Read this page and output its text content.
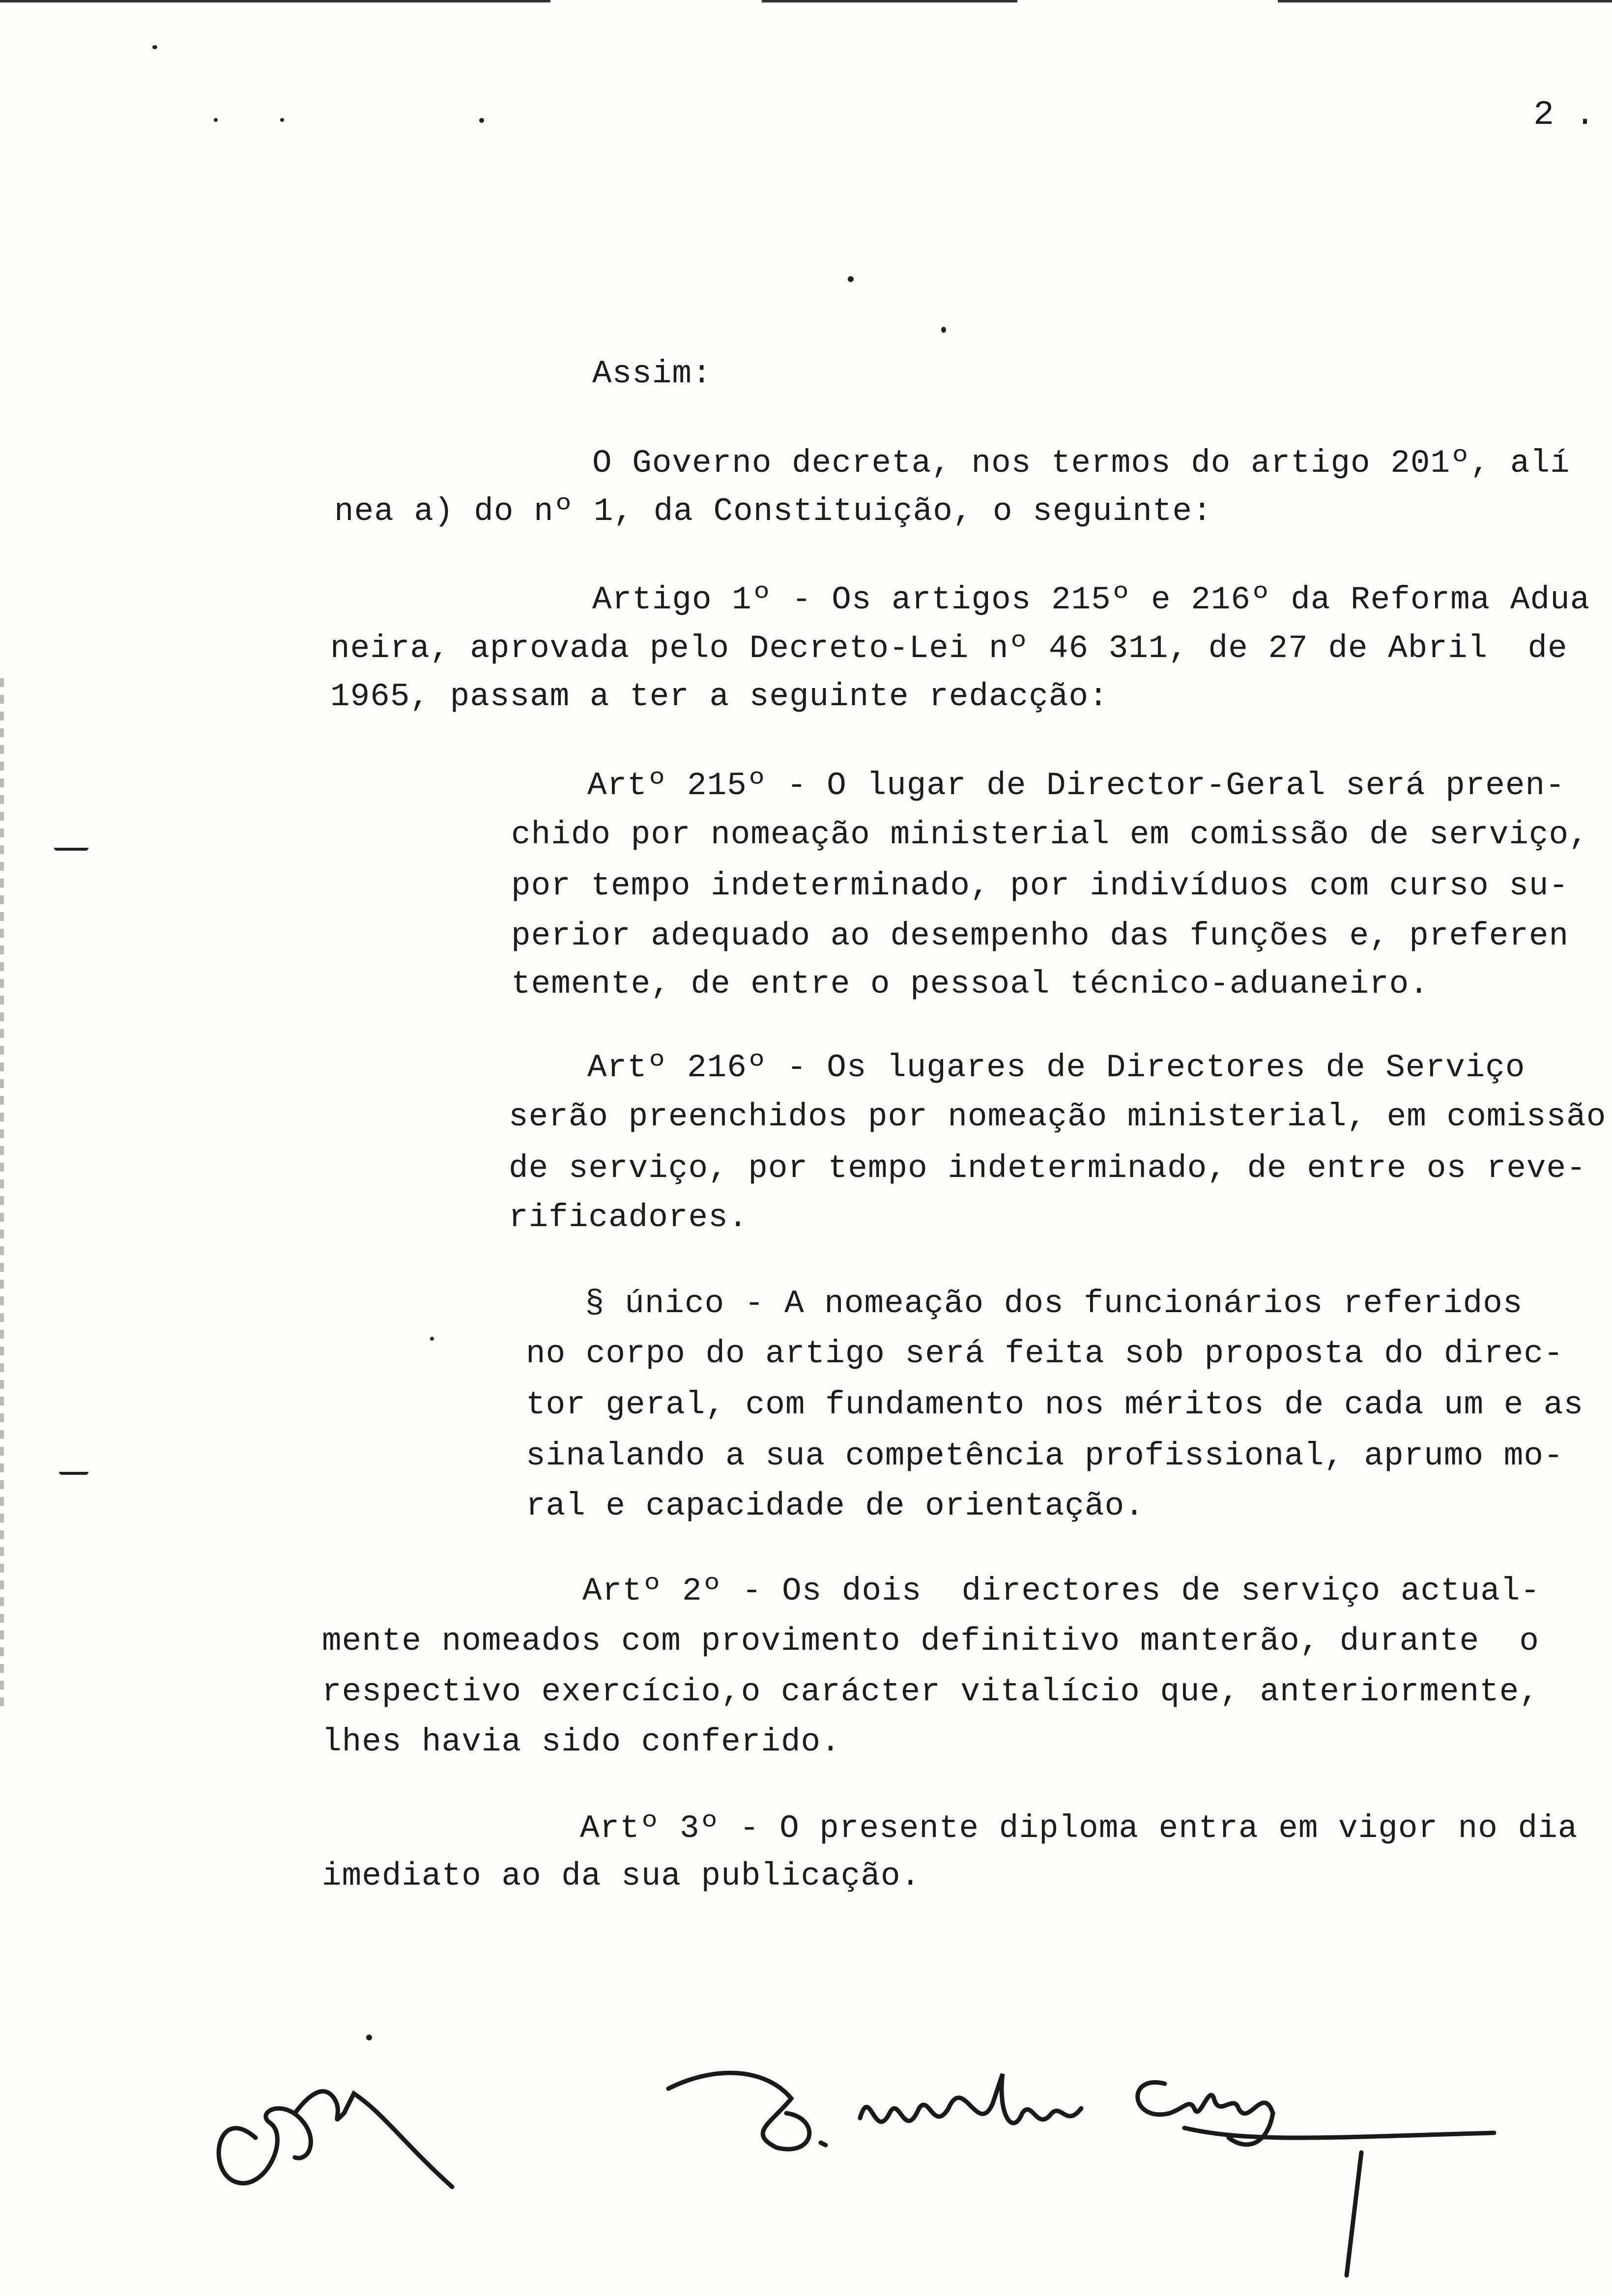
2 .
Assim:
O Governo decreta, nos termos do artigo 201º, alí
nea a) do nº 1, da Constituição, o seguinte:
Artigo 1º - Os artigos 215º e 216º da Reforma Adua
neira, aprovada pelo Decreto-Lei nº 46 311, de 27 de Abril  de
1965, passam a ter a seguinte redacção:
Artº 215º - O lugar de Director-Geral será preen-
chido por nomeação ministerial em comissão de serviço,
por tempo indeterminado, por indivíduos com curso su-
perior adequado ao desempenho das funções e, preferen
temente, de entre o pessoal técnico-aduaneiro.
Artº 216º - Os lugares de Directores de Serviço
serão preenchidos por nomeação ministerial, em comissão
de serviço, por tempo indeterminado, de entre os reve-
rificadores.
§ único - A nomeação dos funcionários referidos
no corpo do artigo será feita sob proposta do direc-
tor geral, com fundamento nos méritos de cada um e as
sinalando a sua competência profissional, aprumo mo-
ral e capacidade de orientação.
Artº 2º - Os dois  directores de serviço actual-
mente nomeados com provimento definitivo manterão, durante  o
respectivo exercício,o carácter vitalício que, anteriormente,
lhes havia sido conferido.
Artº 3º - O presente diploma entra em vigor no dia
imediato ao da sua publicação.
